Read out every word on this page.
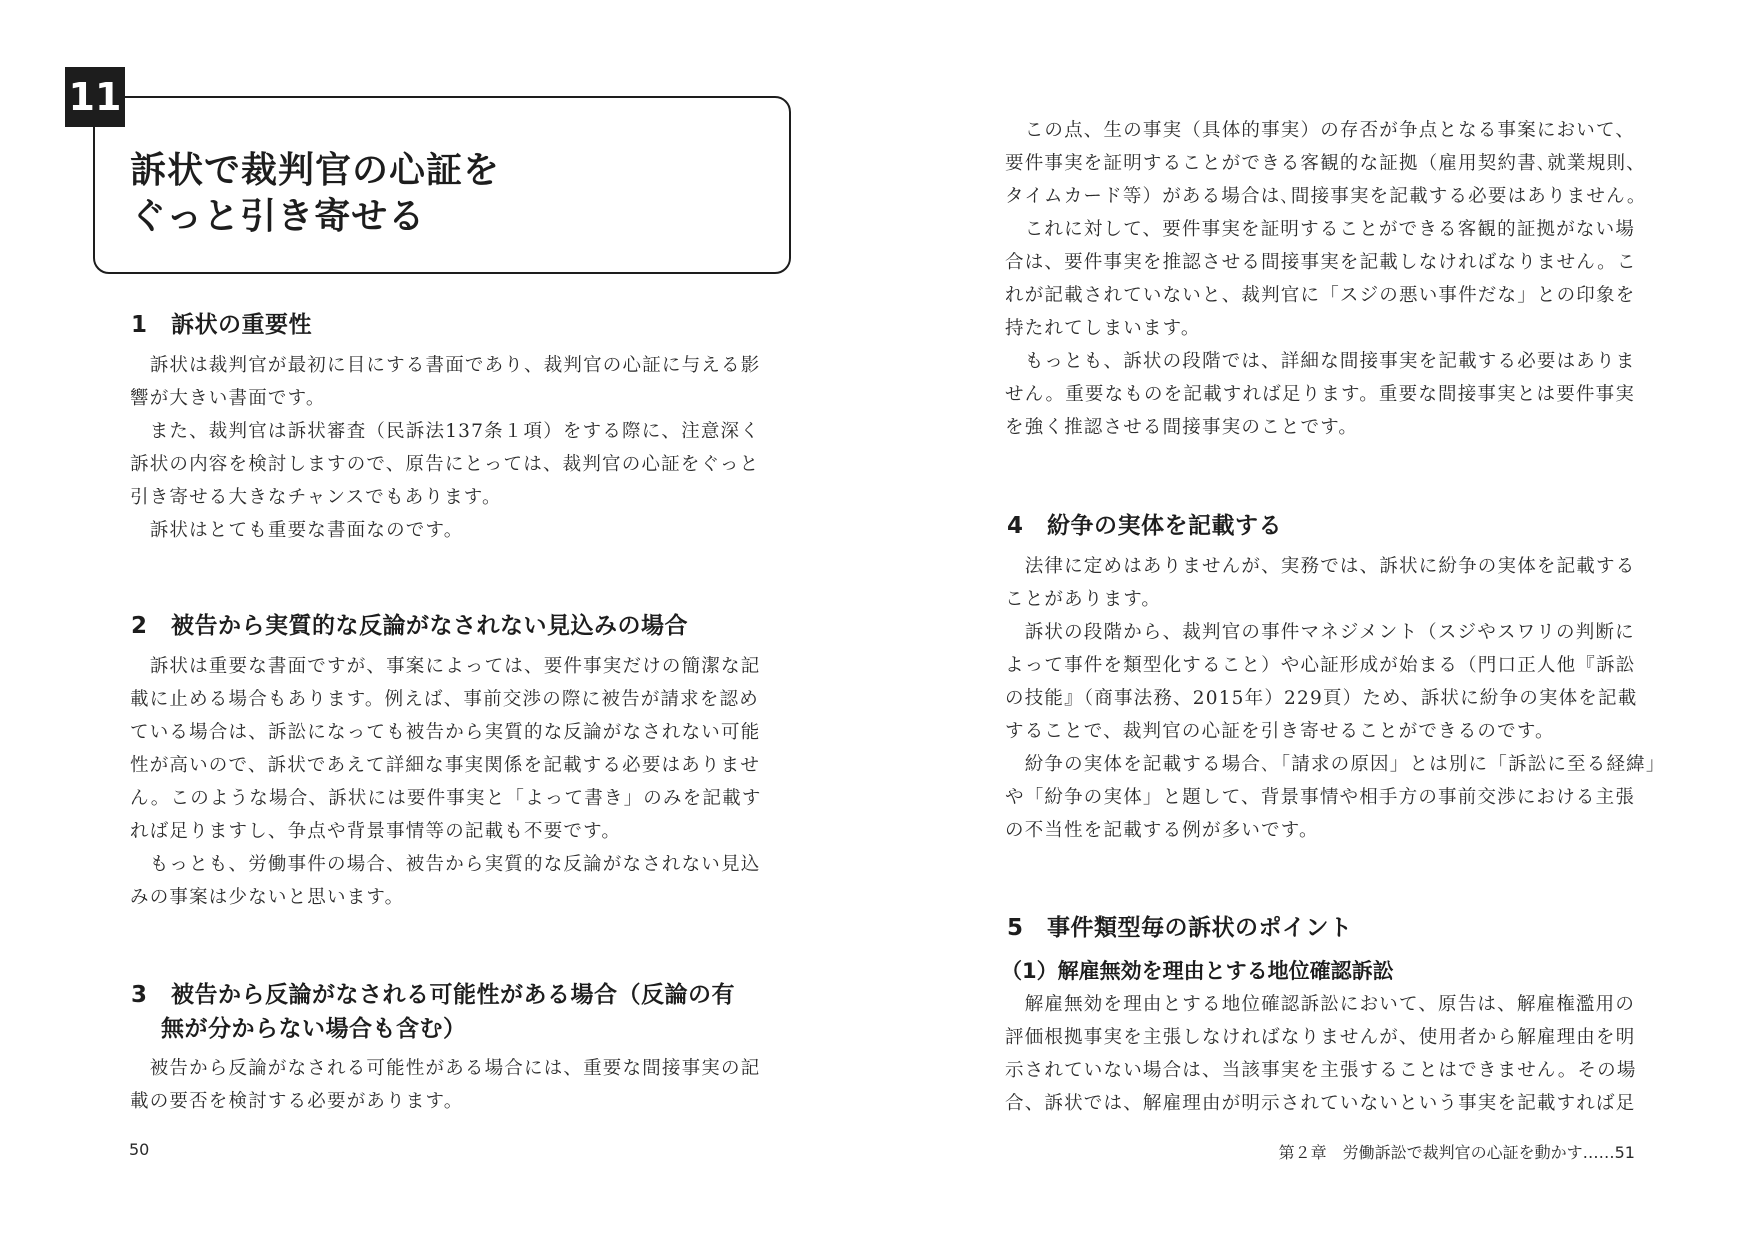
11
訴状で裁判官の心証を
ぐっと引き寄せる
1　訴状の重要性
　訴状は裁判官が最初に目にする書面であり、裁判官の心証に与える影
響が大きい書面です。
　また、裁判官は訴状審査（民訴法137条１項）をする際に、注意深く
訴状の内容を検討しますので、原告にとっては、裁判官の心証をぐっと
引き寄せる大きなチャンスでもあります。
　訴状はとても重要な書面なのです。
2　被告から実質的な反論がなされない見込みの場合
　訴状は重要な書面ですが、事案によっては、要件事実だけの簡潔な記
載に止める場合もあります。例えば、事前交渉の際に被告が請求を認め
ている場合は、訴訟になっても被告から実質的な反論がなされない可能
性が高いので、訴状であえて詳細な事実関係を記載する必要はありませ
ん。このような場合、訴状には要件事実と「よって書き」のみを記載す
れば足りますし、争点や背景事情等の記載も不要です。
　もっとも、労働事件の場合、被告から実質的な反論がなされない見込
みの事案は少ないと思います。
3　被告から反論がなされる可能性がある場合（反論の有
無が分からない場合も含む）
　被告から反論がなされる可能性がある場合には、重要な間接事実の記
載の要否を検討する必要があります。
50
　この点、生の事実（具体的事実）の存否が争点となる事案において、
要件事実を証明することができる客観的な証拠（雇用契約書､就業規則、
タイムカード等）がある場合は､間接事実を記載する必要はありません。
　これに対して、要件事実を証明することができる客観的証拠がない場
合は、要件事実を推認させる間接事実を記載しなければなりません。こ
れが記載されていないと、裁判官に「スジの悪い事件だな」との印象を
持たれてしまいます。
　もっとも、訴状の段階では、詳細な間接事実を記載する必要はありま
せん。重要なものを記載すれば足ります。重要な間接事実とは要件事実
を強く推認させる間接事実のことです。
4　紛争の実体を記載する
　法律に定めはありませんが、実務では、訴状に紛争の実体を記載する
ことがあります。
　訴状の段階から、裁判官の事件マネジメント（スジやスワリの判断に
よって事件を類型化すること）や心証形成が始まる（門口正人他『訴訟
の技能』（商事法務、2015年）229頁）ため、訴状に紛争の実体を記載
することで、裁判官の心証を引き寄せることができるのです。
　紛争の実体を記載する場合､「請求の原因」とは別に「訴訟に至る経緯」
や「紛争の実体」と題して、背景事情や相手方の事前交渉における主張
の不当性を記載する例が多いです。
5　事件類型毎の訴状のポイント
（1）解雇無効を理由とする地位確認訴訟
　解雇無効を理由とする地位確認訴訟において、原告は、解雇権濫用の
評価根拠事実を主張しなければなりませんが、使用者から解雇理由を明
示されていない場合は、当該事実を主張することはできません。その場
合、訴状では、解雇理由が明示されていないという事実を記載すれば足
第２章　労働訴訟で裁判官の心証を動かす……51
